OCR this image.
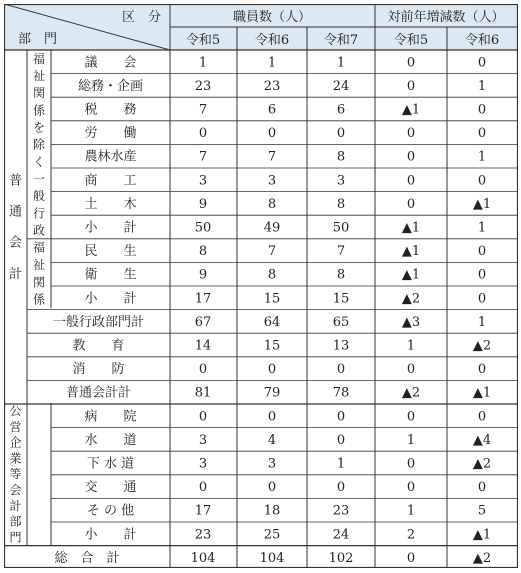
区　分
部　門
職員数（人）	対前年増減数（人）
令和5	令和6	令和7	令和5	令和6
議　　会	1	1	1	0	0
総務・企画	23	23	24	0	1
税　　務	7	6	6	▲1	0
労　　働	0	0	0	0	0
農林水産	7	7	8	0	1
商　　工	3	3	3	0	0
土　　木	9	8	8	0	▲1
小　　計	50	49	50	▲1	1
民　　生	8	7	7	▲1	0
衛　　生	9	8	8	▲1	0
小　　計	17	15	15	▲2	0
一般行政部門計	67	64	65	▲3	1
教　　育	14	15	13	1	▲2
消　　防	0	0	0	0	0
普通会計計	81	79	78	▲2	▲1
病　　院	0	0	0	0	0
水　　道	3	4	0	1	▲4
下 水 道	3	3	1	0	▲2
交　　通	0	0	0	0	0
そ の 他	17	18	23	1	5
小　　計	23	25	24	2	▲1
総　合　計	104	104	102	0	▲2
普
通
会
計
公
営
企
業
等
会
計
部
門
福
祉
関
係
を
除
く
一
般
行
政
福
祉
関
係
